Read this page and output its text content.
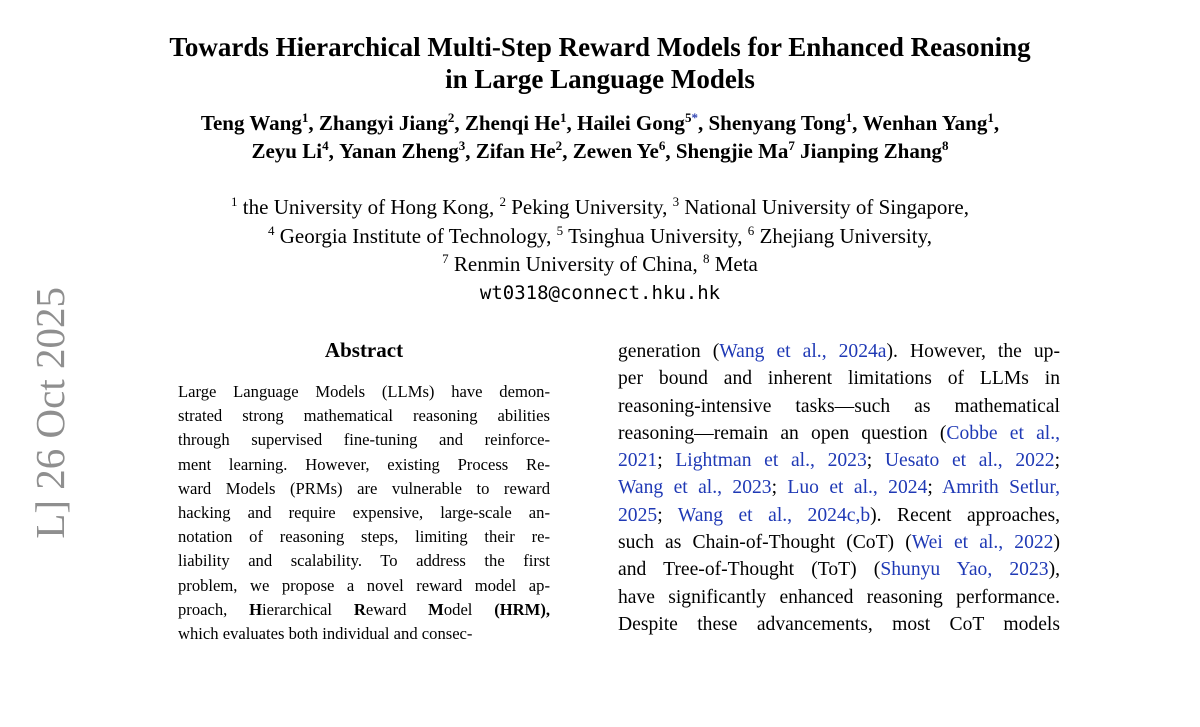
Towards Hierarchical Multi-Step Reward Models for Enhanced Reasoning
in Large Language Models
Teng Wang$^1$, Zhangyi Jiang$^2$, Zhenqi He$^1$, Hailei Gong$^{5*}$, Shenyang Tong$^1$, Wenhan Yang$^1$,
Zeyu Li$^4$, Yanan Zheng$^3$, Zifan He$^2$, Zewen Ye$^6$, Shengjie Ma$^7$ Jianping Zhang$^8$
$^1$ the University of Hong Kong, $^2$ Peking University, $^3$ National University of Singapore,
$^4$ Georgia Institute of Technology, $^5$ Tsinghua University, $^6$ Zhejiang University,
$^7$ Renmin University of China, $^8$ Meta
wt0318@connect.hku.hk
L] 26 Oct 2025	Abstract
Large Language Models (LLMs) have demon-
strated strong mathematical reasoning abilities
through supervised fine-tuning and reinforce-
ment learning. However, existing Process Re-
ward Models (PRMs) are vulnerable to reward
hacking and require expensive, large-scale an-
notation of reasoning steps, limiting their re-
liability and scalability. To address the first
problem, we propose a novel reward model ap-
proach, Hierarchical Reward Model (HRM),
which evaluates both individual and consec-
generation (Wang et al., 2024a). However, the up-
per bound and inherent limitations of LLMs in
reasoning-intensive tasks—such as mathematical
reasoning—remain an open question (Cobbe et al.,
2021; Lightman et al., 2023; Uesato et al., 2022;
Wang et al., 2023; Luo et al., 2024; Amrith Setlur,
2025; Wang et al., 2024c,b). Recent approaches,
such as Chain-of-Thought (CoT) (Wei et al., 2022)
and Tree-of-Thought (ToT) (Shunyu Yao, 2023),
have significantly enhanced reasoning performance.
Despite these advancements, most CoT models
